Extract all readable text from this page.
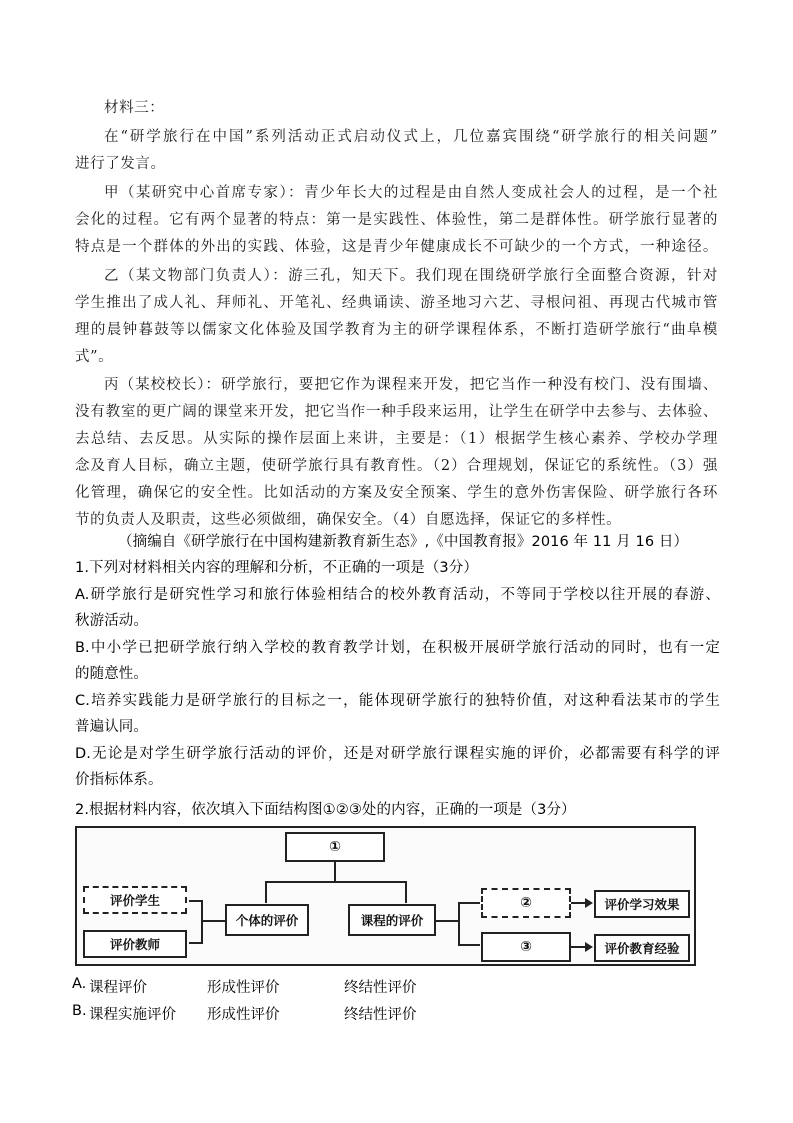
材料三：
在“研学旅行在中国”系列活动正式启动仪式上，几位嘉宾围绕“研学旅行的相关问题”
进行了发言。
甲（某研究中心首席专家）：青少年长大的过程是由自然人变成社会人的过程，是一个社
会化的过程。它有两个显著的特点：第一是实践性、体验性，第二是群体性。研学旅行显著的
特点是一个群体的外出的实践、体验，这是青少年健康成长不可缺少的一个方式，一种途径。
乙（某文物部门负责人）：游三孔，知天下。我们现在围绕研学旅行全面整合资源，针对
学生推出了成人礼、拜师礼、开笔礼、经典诵读、游圣地习六艺、寻根问祖、再现古代城市管
理的晨钟暮鼓等以儒家文化体验及国学教育为主的研学课程体系，不断打造研学旅行“曲阜模
式”。
丙（某校校长）：研学旅行，要把它作为课程来开发，把它当作一种没有校门、没有围墙、
没有教室的更广阔的课堂来开发，把它当作一种手段来运用，让学生在研学中去参与、去体验、
去总结、去反思。从实际的操作层面上来讲，主要是：（1）根据学生核心素养、学校办学理
念及育人目标，确立主题，使研学旅行具有教育性。（2）合理规划，保证它的系统性。（3）强
化管理，确保它的安全性。比如活动的方案及安全预案、学生的意外伤害保险、研学旅行各环
节的负责人及职责，这些必须做细，确保安全。（4）自愿选择，保证它的多样性。
（摘编自《研学旅行在中国构建新教育新生态》,《中国教育报》2016 年 11 月 16 日）
1.下列对材料相关内容的理解和分析，不正确的一项是（3分）
A.研学旅行是研究性学习和旅行体验相结合的校外教育活动，不等同于学校以往开展的春游、
秋游活动。
B.中小学已把研学旅行纳入学校的教育教学计划，在积极开展研学旅行活动的同时，也有一定
的随意性。
C.培养实践能力是研学旅行的目标之一，能体现研学旅行的独特价值，对这种看法某市的学生
普遍认同。
D.无论是对学生研学旅行活动的评价，还是对研学旅行课程实施的评价，必都需要有科学的评
价指标体系。
2.根据材料内容，依次填入下面结构图①②③处的内容，正确的一项是（3分）
①
个体的评价	课程的评价
评价学生
评价教师
②
③
评价学习效果
评价教育经验
A. 课程评价	形成性评价	终结性评价
B. 课程实施评价 形成性评价	终结性评价
